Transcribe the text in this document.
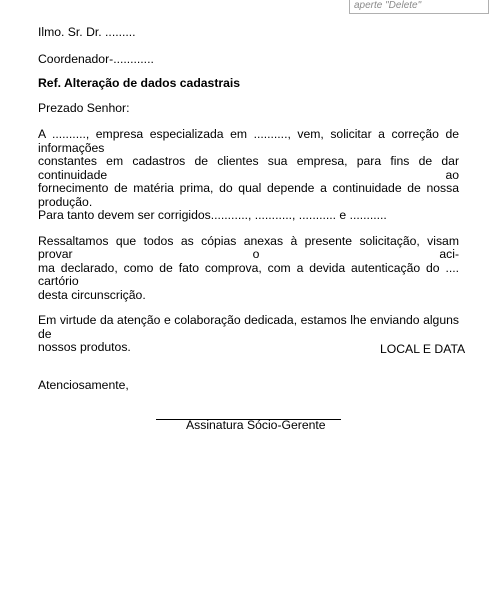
aperte "Delete"

Ilmo. Sr. Dr. .........

Coordenador-............

Ref. Alteração de dados cadastrais

Prezado Senhor:

A .........., empresa especializada em .........., vem, solicitar a correção de informações

constantes em cadastros de clientes sua empresa, para fins de dar continuidade ao

fornecimento de matéria prima, do qual depende a continuidade de nossa produção.

Para tanto devem ser corrigidos..........., ..........., ........... e ...........

Ressaltamos que todos as cópias anexas à presente solicitação, visam provar o aci-

ma declarado, como de fato comprova, com a devida autenticação do .... cartório

desta circunscrição.

Em virtude da atenção e colaboração dedicada, estamos lhe enviando alguns de

nossos produtos.

Atenciosamente,

LOCAL E DATA
Assinatura Sócio-Gerente
